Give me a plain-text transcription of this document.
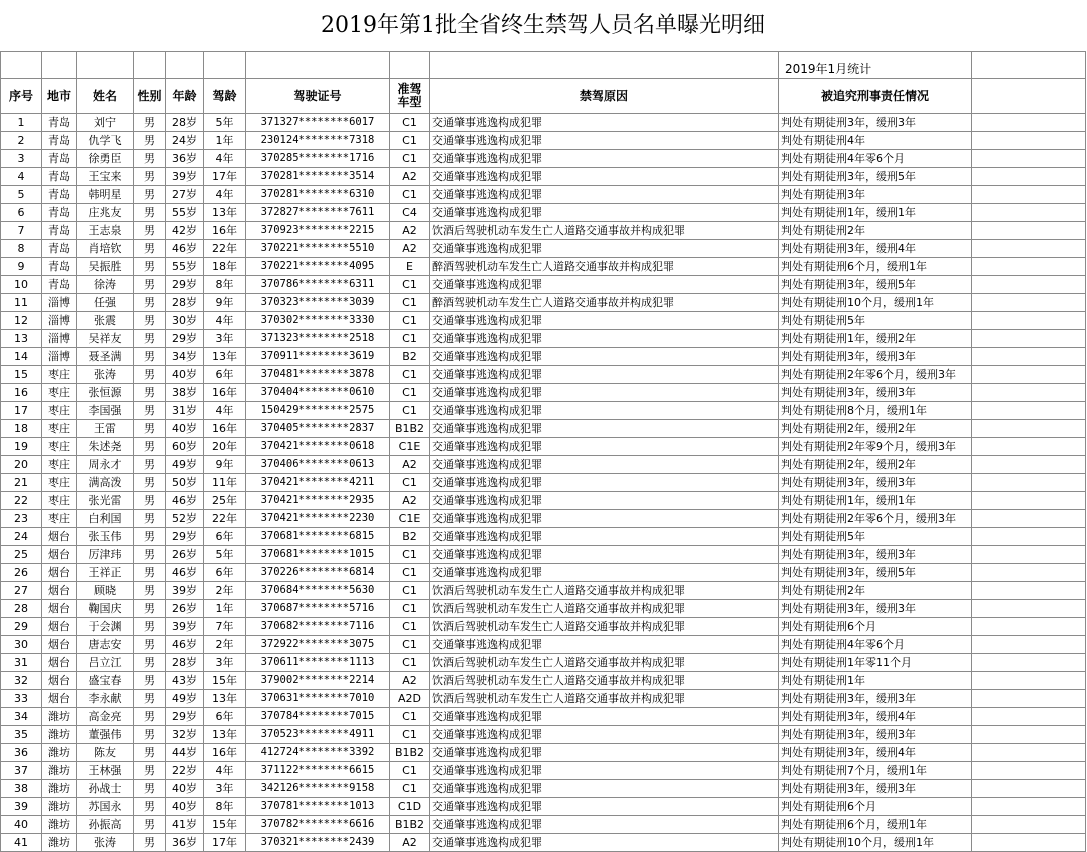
2019年第1批全省终生禁驾人员名单曝光明细										
									2019年1月统计	
序号	地市	姓名	性别	年龄	驾龄	驾驶证号	准驾车型	禁驾原因	被追究刑事责任情况	
1	青岛	刘宁	男	28岁	5年	371327********6017	C1	交通肇事逃逸构成犯罪	判处有期徒刑3年，缓刑3年	
2	青岛	仇学飞	男	24岁	1年	230124********7318	C1	交通肇事逃逸构成犯罪	判处有期徒刑4年	
3	青岛	徐勇臣	男	36岁	4年	370285********1716	C1	交通肇事逃逸构成犯罪	判处有期徒刑4年零6个月	
4	青岛	王宝来	男	39岁	17年	370281********3514	A2	交通肇事逃逸构成犯罪	判处有期徒刑3年，缓刑5年	
5	青岛	韩明星	男	27岁	4年	370281********6310	C1	交通肇事逃逸构成犯罪	判处有期徒刑3年	
6	青岛	庄兆友	男	55岁	13年	372827********7611	C4	交通肇事逃逸构成犯罪	判处有期徒刑1年，缓刑1年	
7	青岛	王志泉	男	42岁	16年	370923********2215	A2	饮酒后驾驶机动车发生亡人道路交通事故并构成犯罪	判处有期徒刑2年	
8	青岛	肖培钦	男	46岁	22年	370221********5510	A2	交通肇事逃逸构成犯罪	判处有期徒刑3年，缓刑4年	
9	青岛	吴振胜	男	55岁	18年	370221********4095	E	醉酒驾驶机动车发生亡人道路交通事故并构成犯罪	判处有期徒刑6个月，缓刑1年	
10	青岛	徐涛	男	29岁	8年	370786********6311	C1	交通肇事逃逸构成犯罪	判处有期徒刑3年，缓刑5年	
11	淄博	任强	男	28岁	9年	370323********3039	C1	醉酒驾驶机动车发生亡人道路交通事故并构成犯罪	判处有期徒刑10个月，缓刑1年	
12	淄博	张震	男	30岁	4年	370302********3330	C1	交通肇事逃逸构成犯罪	判处有期徒刑5年	
13	淄博	吴祥友	男	29岁	3年	371323********2518	C1	交通肇事逃逸构成犯罪	判处有期徒刑1年，缓刑2年	
14	淄博	聂圣满	男	34岁	13年	370911********3619	B2	交通肇事逃逸构成犯罪	判处有期徒刑3年，缓刑3年	
15	枣庄	张涛	男	40岁	6年	370481********3878	C1	交通肇事逃逸构成犯罪	判处有期徒刑2年零6个月，缓刑3年	
16	枣庄	张恒源	男	38岁	16年	370404********0610	C1	交通肇事逃逸构成犯罪	判处有期徒刑3年，缓刑3年	
17	枣庄	李国强	男	31岁	4年	150429********2575	C1	交通肇事逃逸构成犯罪	判处有期徒刑8个月，缓刑1年	
18	枣庄	王雷	男	40岁	16年	370405********2837	B1B2	交通肇事逃逸构成犯罪	判处有期徒刑2年，缓刑2年	
19	枣庄	朱述尧	男	60岁	20年	370421********0618	C1E	交通肇事逃逸构成犯罪	判处有期徒刑2年零9个月，缓刑3年	
20	枣庄	周永才	男	49岁	9年	370406********0613	A2	交通肇事逃逸构成犯罪	判处有期徒刑2年，缓刑2年	
21	枣庄	满高泼	男	50岁	11年	370421********4211	C1	交通肇事逃逸构成犯罪	判处有期徒刑3年，缓刑3年	
22	枣庄	张光雷	男	46岁	25年	370421********2935	A2	交通肇事逃逸构成犯罪	判处有期徒刑1年，缓刑1年	
23	枣庄	白利国	男	52岁	22年	370421********2230	C1E	交通肇事逃逸构成犯罪	判处有期徒刑2年零6个月，缓刑3年	
24	烟台	张玉伟	男	29岁	6年	370681********6815	B2	交通肇事逃逸构成犯罪	判处有期徒刑5年	
25	烟台	厉津玮	男	26岁	5年	370681********1015	C1	交通肇事逃逸构成犯罪	判处有期徒刑3年，缓刑3年	
26	烟台	王祥正	男	46岁	6年	370226********6814	C1	交通肇事逃逸构成犯罪	判处有期徒刑3年，缓刑5年	
27	烟台	顾晓	男	39岁	2年	370684********5630	C1	饮酒后驾驶机动车发生亡人道路交通事故并构成犯罪	判处有期徒刑2年	
28	烟台	鞠国庆	男	26岁	1年	370687********5716	C1	饮酒后驾驶机动车发生亡人道路交通事故并构成犯罪	判处有期徒刑3年，缓刑3年	
29	烟台	于会渊	男	39岁	7年	370682********7116	C1	饮酒后驾驶机动车发生亡人道路交通事故并构成犯罪	判处有期徒刑6个月	
30	烟台	唐志安	男	46岁	2年	372922********3075	C1	交通肇事逃逸构成犯罪	判处有期徒刑4年零6个月	
31	烟台	吕立江	男	28岁	3年	370611********1113	C1	饮酒后驾驶机动车发生亡人道路交通事故并构成犯罪	判处有期徒刑1年零11个月	
32	烟台	盛宝春	男	43岁	15年	379002********2214	A2	饮酒后驾驶机动车发生亡人道路交通事故并构成犯罪	判处有期徒刑1年	
33	烟台	李永献	男	49岁	13年	370631********7010	A2D	饮酒后驾驶机动车发生亡人道路交通事故并构成犯罪	判处有期徒刑3年，缓刑3年	
34	潍坊	高金亮	男	29岁	6年	370784********7015	C1	交通肇事逃逸构成犯罪	判处有期徒刑3年，缓刑4年	
35	潍坊	董强伟	男	32岁	13年	370523********4911	C1	交通肇事逃逸构成犯罪	判处有期徒刑3年，缓刑3年	
36	潍坊	陈友	男	44岁	16年	412724********3392	B1B2	交通肇事逃逸构成犯罪	判处有期徒刑3年，缓刑4年	
37	潍坊	王林强	男	22岁	4年	371122********6615	C1	交通肇事逃逸构成犯罪	判处有期徒刑7个月，缓刑1年	
38	潍坊	孙战士	男	40岁	3年	342126********9158	C1	交通肇事逃逸构成犯罪	判处有期徒刑3年，缓刑3年	
39	潍坊	苏国永	男	40岁	8年	370781********1013	C1D	交通肇事逃逸构成犯罪	判处有期徒刑6个月	
40	潍坊	孙振高	男	41岁	15年	370782********6616	B1B2	交通肇事逃逸构成犯罪	判处有期徒刑6个月，缓刑1年	
41	潍坊	张涛	男	36岁	17年	370321********2439	A2	交通肇事逃逸构成犯罪	判处有期徒刑10个月，缓刑1年	
